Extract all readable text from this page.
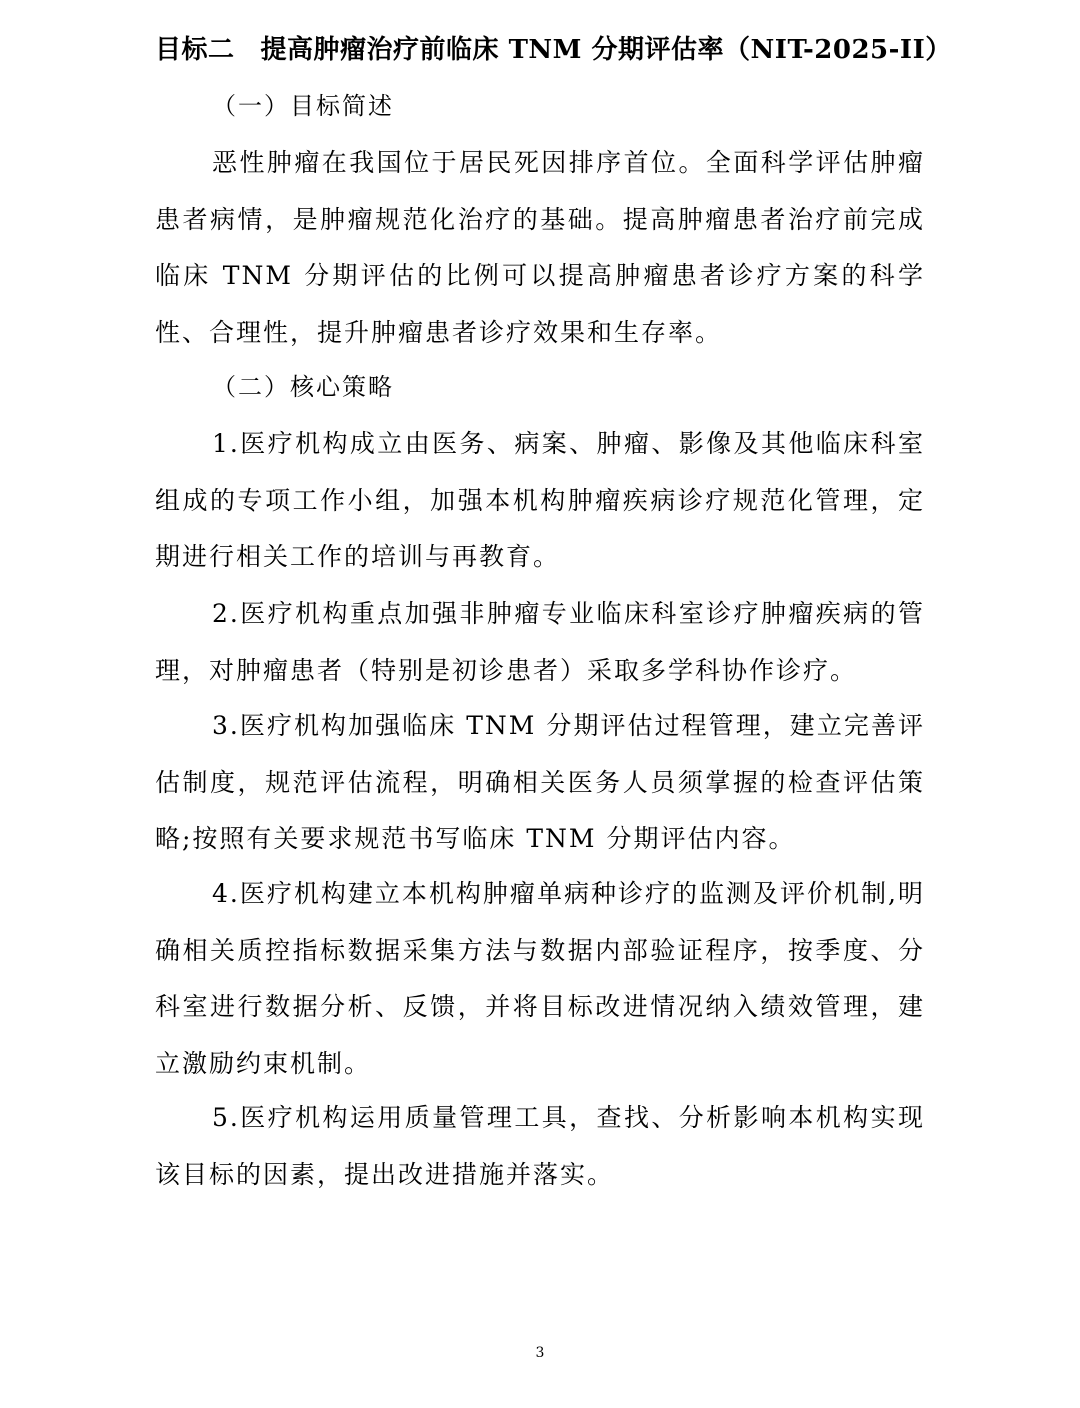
目标二 提高肿瘤治疗前临床 TNM 分期评估率（NIT-2025-II）
（一）目标简述
恶性肿瘤在我国位于居民死因排序首位。全面科学评估肿瘤患者病情，是肿瘤规范化治疗的基础。提高肿瘤患者治疗前完成临床 TNM 分期评估的比例可以提高肿瘤患者诊疗方案的科学性、合理性，提升肿瘤患者诊疗效果和生存率。
（二）核心策略
1.医疗机构成立由医务、病案、肿瘤、影像及其他临床科室组成的专项工作小组，加强本机构肿瘤疾病诊疗规范化管理，定期进行相关工作的培训与再教育。
2.医疗机构重点加强非肿瘤专业临床科室诊疗肿瘤疾病的管理，对肿瘤患者（特别是初诊患者）采取多学科协作诊疗。
3.医疗机构加强临床 TNM 分期评估过程管理，建立完善评估制度，规范评估流程，明确相关医务人员须掌握的检查评估策略;按照有关要求规范书写临床 TNM 分期评估内容。
4.医疗机构建立本机构肿瘤单病种诊疗的监测及评价机制,明确相关质控指标数据采集方法与数据内部验证程序，按季度、分科室进行数据分析、反馈，并将目标改进情况纳入绩效管理，建立激励约束机制。
5.医疗机构运用质量管理工具，查找、分析影响本机构实现该目标的因素，提出改进措施并落实。
3
